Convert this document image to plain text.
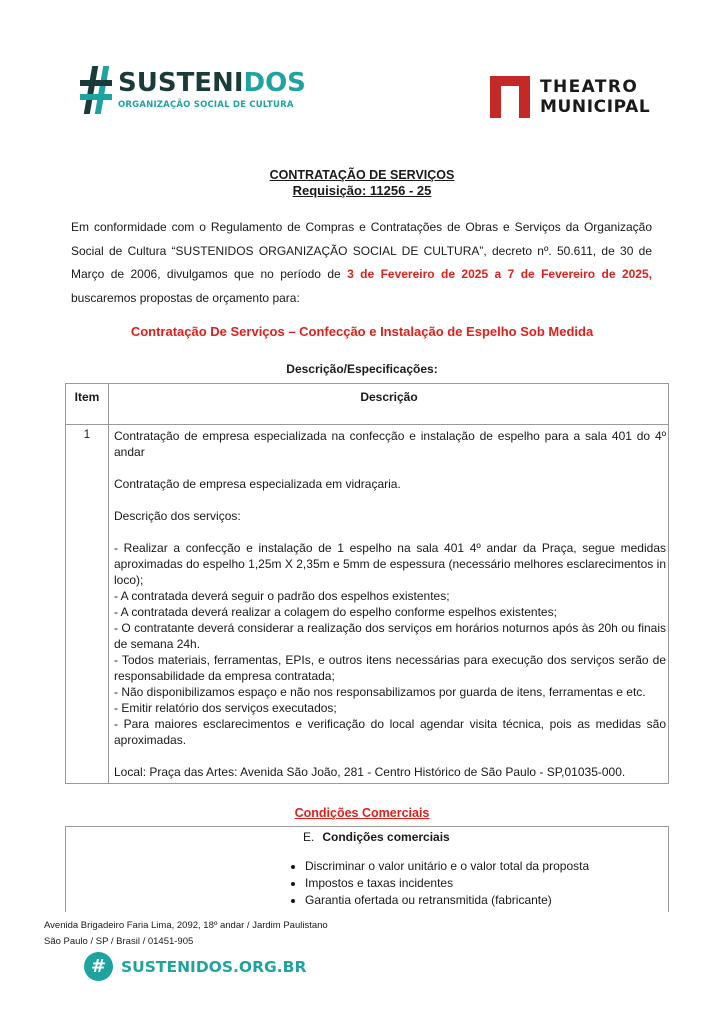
SUSTENIDOS
ORGANIZAÇÃO SOCIAL DE CULTURA
THEATRO
MUNICIPAL
CONTRATAÇÃO DE SERVIÇOS
Requisição: 11256 - 25
Em conformidade com o Regulamento de Compras e Contratações de Obras e Serviços da Organização Social de Cultura “SUSTENIDOS ORGANIZAÇÃO SOCIAL DE CULTURA”, decreto nº. 50.611, de 30 de Março de 2006, divulgamos que no período de 3 de Fevereiro de 2025 a 7 de Fevereiro de 2025, buscaremos propostas de orçamento para:
Contratação De Serviços – Confecção e Instalação de Espelho Sob Medida
Descrição/Especificações:
Item	Descrição
1	Contratação de empresa especializada na confecção e instalação de espelho para a sala 401 do 4º andar

Contratação de empresa especializada em vidraçaria.

Descrição dos serviços:

- Realizar a confecção e instalação de 1 espelho na sala 401 4º andar da Praça, segue medidas aproximadas do espelho 1,25m X 2,35m e 5mm de espessura (necessário melhores esclarecimentos in loco);

- A contratada deverá seguir o padrão dos espelhos existentes;

- A contratada deverá realizar a colagem do espelho conforme espelhos existentes;

- O contratante deverá considerar a realização dos serviços em horários noturnos após às 20h ou finais de semana 24h.

- Todos materiais, ferramentas, EPIs, e outros itens necessárias para execução dos serviços serão de responsabilidade da empresa contratada;

- Não disponibilizamos espaço e não nos responsabilizamos por guarda de itens, ferramentas e etc.

- Emitir relatório dos serviços executados;

- Para maiores esclarecimentos e verificação do local agendar visita técnica, pois as medidas são aproximadas.

Local: Praça das Artes: Avenida São João, 281 - Centro Histórico de São Paulo - SP,01035-000.

Condições Comerciais
E. Condições comerciais
• Discriminar o valor unitário e o valor total da proposta
• Impostos e taxas incidentes
• Garantia ofertada ou retransmitida (fabricante)
Avenida Brigadeiro Faria Lima, 2092, 18º andar / Jardim Paulistano
São Paulo / SP / Brasil / 01451-905
# SUSTENIDOS.ORG.BR
